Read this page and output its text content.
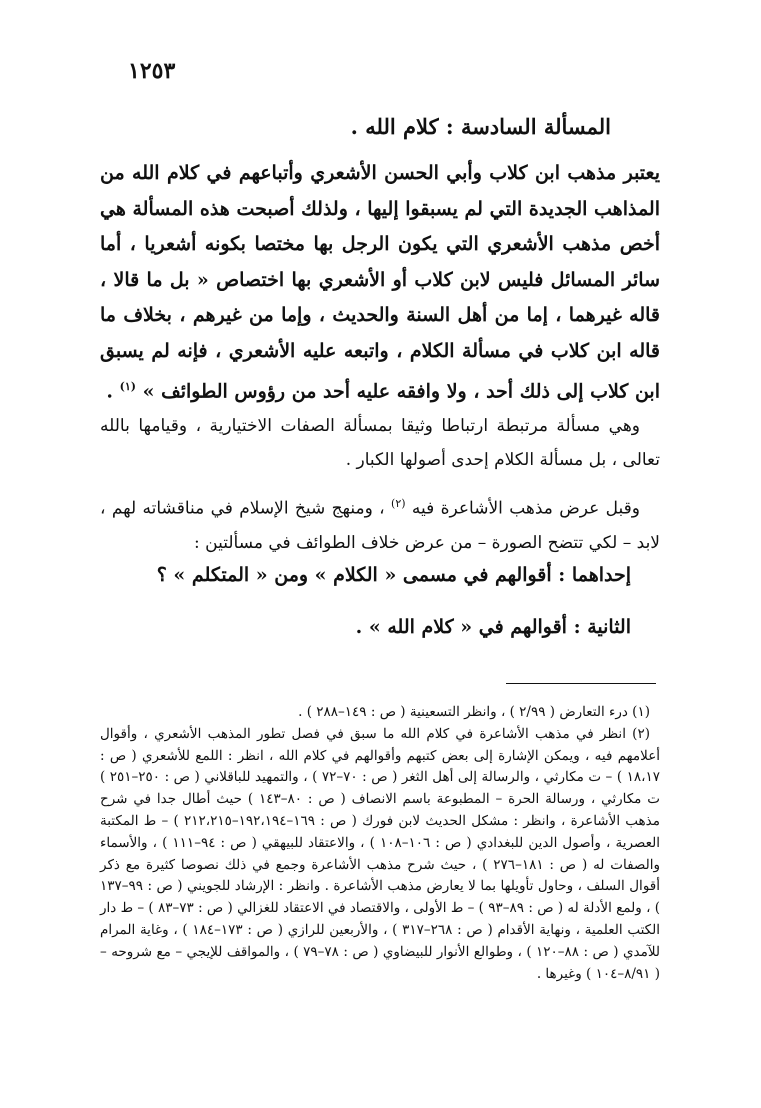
١٢٥٣
المسألة السادسة : كلام الله .

يعتبر مذهب ابن كلاب وأبي الحسن الأشعري وأتباعهم في كلام الله من المذاهب الجديدة التي لم يسبقوا إليها ، ولذلك أصبحت هذه المسألة هي أخص مذهب الأشعري التي يكون الرجل بها مختصا بكونه أشعريا ، أما سائر المسائل فليس لابن كلاب أو الأشعري بها اختصاص « بل ما قالا ، قاله غيرهما ، إما من أهل السنة والحديث ، وإما من غيرهم ، بخلاف ما قاله ابن كلاب في مسألة الكلام ، واتبعه عليه الأشعري ، فإنه لم يسبق ابن كلاب إلى ذلك أحد ، ولا وافقه عليه أحد من رؤوس الطوائف » $^{(١)}$ .

وهي مسألة مرتبطة ارتباطا وثيقا بمسألة الصفات الاختيارية ، وقيامها بالله تعالى ، بل مسألة الكلام إحدى أصولها الكبار .

وقبل عرض مذهب الأشاعرة فيه $^{(٢)}$ ، ومنهج شيخ الإسلام في مناقشاته لهم ، لابد – لكي تتضح الصورة – من عرض خلاف الطوائف في مسألتين :

إحداهما : أقوالهم في مسمى « الكلام » ومن « المتكلم » ؟

الثانية : أقوالهم في « كلام الله » .

(١) درء التعارض ( ٢/٩٩ ) ، وانظر التسعينية ( ص : ١٤٩–٢٨٨ ) .

(٢) انظر في مذهب الأشاعرة في كلام الله ما سبق في فصل تطور المذهب الأشعري ، وأقوال أعلامهم فيه ، ويمكن الإشارة إلى بعض كتبهم وأقوالهم في كلام الله ، انظر : اللمع للأشعري ( ص : ١٨،١٧ ) – ت مكارثي ، والرسالة إلى أهل الثغر ( ص : ٧٠–٧٢ ) ، والتمهيد للباقلاني ( ص : ٢٥٠–٢٥١ ) ت مكارثي ، ورسالة الحرة – المطبوعة باسم الانصاف ( ص : ٨٠–١٤٣ ) حيث أطال جدا في شرح مذهب الأشاعرة ، وانظر : مشكل الحديث لابن فورك ( ص : ١٦٩–١٩٢،١٩٤–٢١٢،٢١٥ ) – ط المكتبة العصرية ، وأصول الدين للبغدادي ( ص : ١٠٦–١٠٨ ) ، والاعتقاد للبيهقي ( ص : ٩٤–١١١ ) ، والأسماء والصفات له ( ص : ١٨١–٢٧٦ ) ، حيث شرح مذهب الأشاعرة وجمع في ذلك نصوصا كثيرة مع ذكر أقوال السلف ، وحاول تأويلها بما لا يعارض مذهب الأشاعرة . وانظر : الإرشاد للجويني ( ص : ٩٩–١٣٧ ) ، ولمع الأدلة له ( ص : ٨٩–٩٣ ) – ط الأولى ، والاقتصاد في الاعتقاد للغزالي ( ص : ٧٣–٨٣ ) – ط دار الكتب العلمية ، ونهاية الأقدام ( ص : ٢٦٨–٣١٧ ) ، والأربعين للرازي ( ص : ١٧٣–١٨٤ ) ، وغاية المرام للآمدي ( ص : ٨٨–١٢٠ ) ، وطوالع الأنوار للبيضاوي ( ص : ٧٨–٧٩ ) ، والمواقف للإيجي – مع شروحه – ( ٨/٩١–١٠٤ ) وغيرها .
